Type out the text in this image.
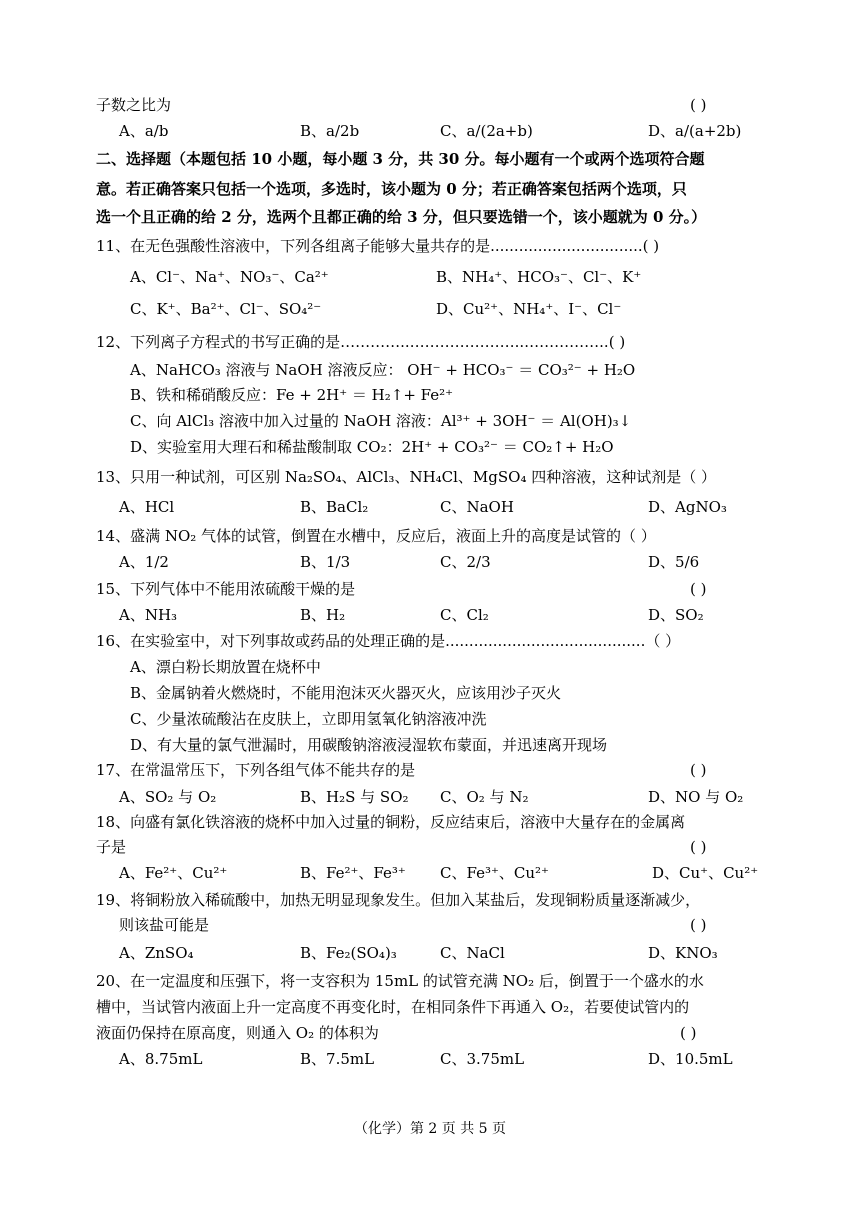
子数之比为	( )
A、a/b	B、a/2b	C、a/(2a+b)	D、a/(a+2b)
二、选择题（本题包括 10 小题，每小题 3 分，共 30 分。每小题有一个或两个选项符合题
意。若正确答案只包括一个选项，多选时，该小题为 0 分；若正确答案包括两个选项，只
选一个且正确的给 2 分，选两个且都正确的给 3 分，但只要选错一个，该小题就为 0 分。）
11、在无色强酸性溶液中，下列各组离子能够大量共存的是................................( )
A、Cl⁻、Na⁺、NO₃⁻、Ca²⁺	B、NH₄⁺、HCO₃⁻、Cl⁻、K⁺
C、K⁺、Ba²⁺、Cl⁻、SO₄²⁻	D、Cu²⁺、NH₄⁺、I⁻、Cl⁻
12、下列离子方程式的书写正确的是…………..…………………..……………..( )
A、NaHCO₃ 溶液与 NaOH 溶液反应： OH⁻ + HCO₃⁻ ＝ CO₃²⁻ + H₂O
B、铁和稀硝酸反应：Fe + 2H⁺ ＝ H₂↑+ Fe²⁺
C、向 AlCl₃ 溶液中加入过量的 NaOH 溶液：Al³⁺ + 3OH⁻ ＝ Al(OH)₃↓
D、实验室用大理石和稀盐酸制取 CO₂：2H⁺ + CO₃²⁻ ＝ CO₂↑+ H₂O
13、只用一种试剂，可区别 Na₂SO₄、AlCl₃、NH₄Cl、MgSO₄ 四种溶液，这种试剂是（ ）
A、HCl	B、BaCl₂	C、NaOH	D、AgNO₃
14、盛满 NO₂ 气体的试管，倒置在水槽中，反应后，液面上升的高度是试管的（ ）
A、1/2	B、1/3	C、2/3	D、5/6
15、下列气体中不能用浓硫酸干燥的是	( )
A、NH₃	B、H₂	C、Cl₂	D、SO₂
16、在实验室中，对下列事故或药品的处理正确的是..........................................（ ）
A、漂白粉长期放置在烧杯中
B、金属钠着火燃烧时，不能用泡沫灭火器灭火，应该用沙子灭火
C、少量浓硫酸沾在皮肤上，立即用氢氧化钠溶液冲洗
D、有大量的氯气泄漏时，用碳酸钠溶液浸湿软布蒙面，并迅速离开现场
17、在常温常压下，下列各组气体不能共存的是	( )
A、SO₂ 与 O₂	B、H₂S 与 SO₂ C、O₂ 与 N₂	D、NO 与 O₂
18、向盛有氯化铁溶液的烧杯中加入过量的铜粉，反应结束后，溶液中大量存在的金属离
子是	( )
A、Fe²⁺、Cu²⁺	B、Fe²⁺、Fe³⁺ C、Fe³⁺、Cu²⁺	D、Cu⁺、Cu²⁺
19、将铜粉放入稀硫酸中，加热无明显现象发生。但加入某盐后，发现铜粉质量逐渐减少，
则该盐可能是	( )
A、ZnSO₄	B、Fe₂(SO₄)₃	C、NaCl	D、KNO₃
20、在一定温度和压强下，将一支容积为 15mL 的试管充满 NO₂ 后，倒置于一个盛水的水
槽中，当试管内液面上升一定高度不再变化时，在相同条件下再通入 O₂，若要使试管内的
液面仍保持在原高度，则通入 O₂ 的体积为	( )
A、8.75mL	B、7.5mL	C、3.75mL	D、10.5mL
（化学）第 2 页 共 5 页
